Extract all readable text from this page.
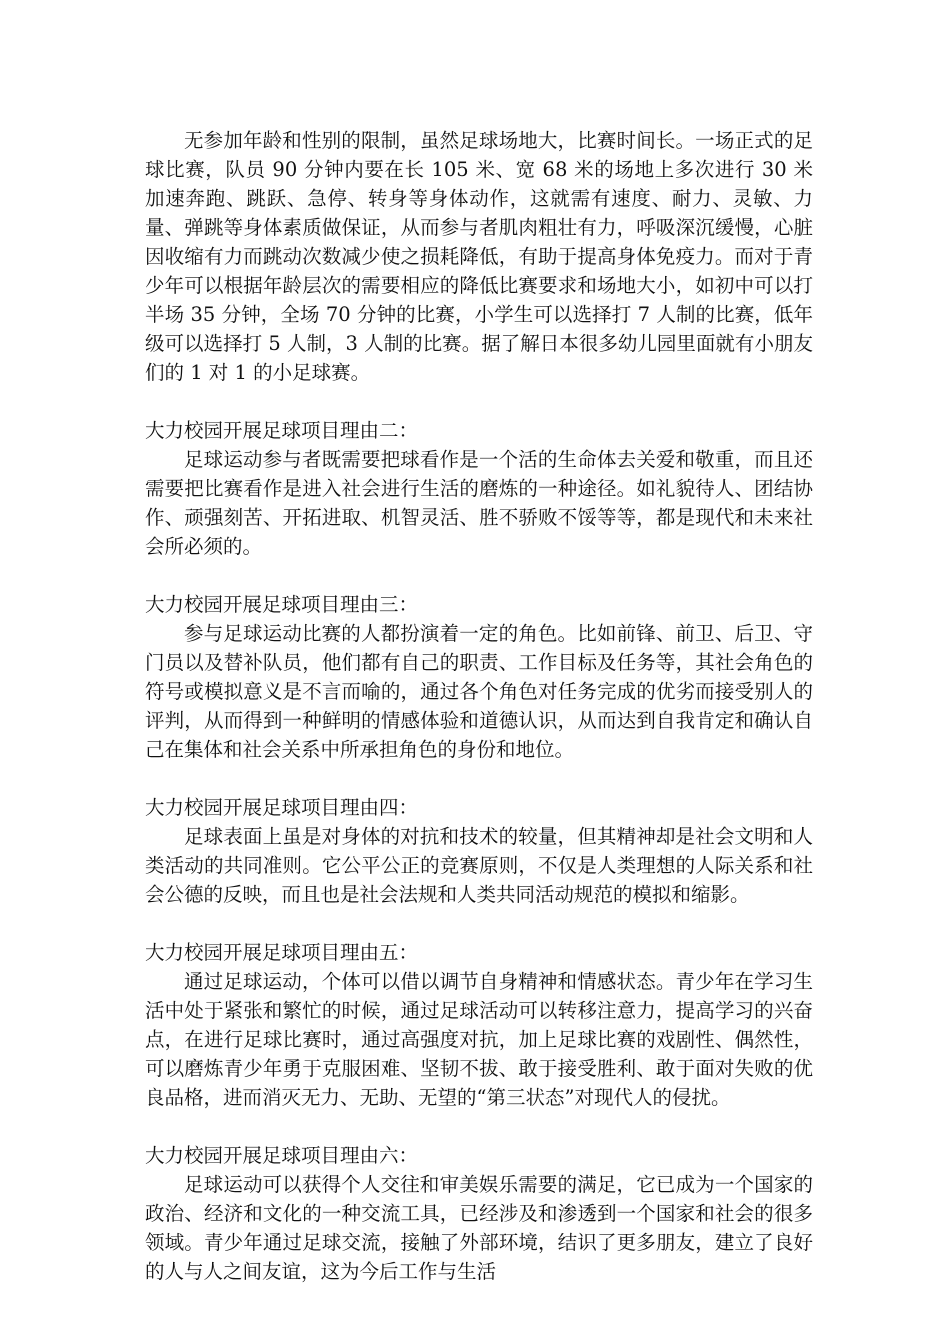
无参加年龄和性别的限制，虽然足球场地大，比赛时间长。一场正式的足球比赛，队员 90 分钟内要在长 105 米、宽 68 米的场地上多次进行 30 米加速奔跑、跳跃、急停、转身等身体动作，这就需有速度、耐力、灵敏、力量、弹跳等身体素质做保证，从而参与者肌肉粗壮有力，呼吸深沉缓慢，心脏因收缩有力而跳动次数减少使之损耗降低，有助于提高身体免疫力。而对于青少年可以根据年龄层次的需要相应的降低比赛要求和场地大小，如初中可以打半场 35 分钟，全场 70 分钟的比赛，小学生可以选择打 7 人制的比赛，低年级可以选择打 5 人制，3 人制的比赛。据了解日本很多幼儿园里面就有小朋友们的 1 对 1 的小足球赛。

大力校园开展足球项目理由二：

足球运动参与者既需要把球看作是一个活的生命体去关爱和敬重，而且还需要把比赛看作是进入社会进行生活的磨炼的一种途径。如礼貌待人、团结协作、顽强刻苦、开拓进取、机智灵活、胜不骄败不馁等等，都是现代和未来社会所必须的。

大力校园开展足球项目理由三：

参与足球运动比赛的人都扮演着一定的角色。比如前锋、前卫、后卫、守门员以及替补队员，他们都有自己的职责、工作目标及任务等，其社会角色的符号或模拟意义是不言而喻的，通过各个角色对任务完成的优劣而接受别人的评判，从而得到一种鲜明的情感体验和道德认识，从而达到自我肯定和确认自己在集体和社会关系中所承担角色的身份和地位。

大力校园开展足球项目理由四：

足球表面上虽是对身体的对抗和技术的较量，但其精神却是社会文明和人类活动的共同准则。它公平公正的竞赛原则，不仅是人类理想的人际关系和社会公德的反映，而且也是社会法规和人类共同活动规范的模拟和缩影。

大力校园开展足球项目理由五：

通过足球运动，个体可以借以调节自身精神和情感状态。青少年在学习生活中处于紧张和繁忙的时候，通过足球活动可以转移注意力，提高学习的兴奋点，在进行足球比赛时，通过高强度对抗，加上足球比赛的戏剧性、偶然性，可以磨炼青少年勇于克服困难、坚韧不拔、敢于接受胜利、敢于面对失败的优良品格，进而消灭无力、无助、无望的“第三状态”对现代人的侵扰。

大力校园开展足球项目理由六：

足球运动可以获得个人交往和审美娱乐需要的满足，它已成为一个国家的政治、经济和文化的一种交流工具，已经涉及和渗透到一个国家和社会的很多领域。青少年通过足球交流，接触了外部环境，结识了更多朋友，建立了良好的人与人之间友谊，这为今后工作与生活
